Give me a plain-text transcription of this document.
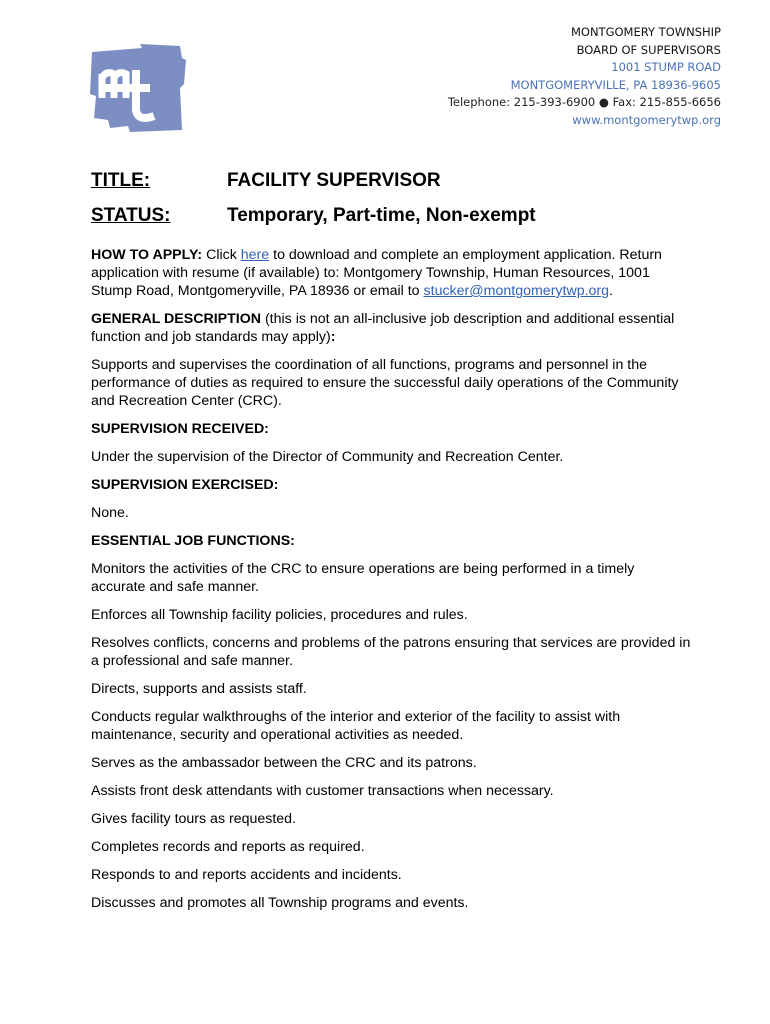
MONTGOMERY TOWNSHIP
BOARD OF SUPERVISORS
1001 STUMP ROAD
MONTGOMERYVILLE, PA 18936-9605
Telephone: 215-393-6900 ● Fax: 215-855-6656
www.montgomerytwp.org
TITLE:	FACILITY SUPERVISOR
STATUS:	Temporary, Part-time, Non-exempt

HOW TO APPLY: Click here to download and complete an employment application. Return application with resume (if available) to: Montgomery Township, Human Resources, 1001 Stump Road, Montgomeryville, PA 18936 or email to stucker@montgomerytwp.org.

GENERAL DESCRIPTION (this is not an all-inclusive job description and additional essential function and job standards may apply):

Supports and supervises the coordination of all functions, programs and personnel in the performance of duties as required to ensure the successful daily operations of the Community and Recreation Center (CRC).

SUPERVISION RECEIVED:

Under the supervision of the Director of Community and Recreation Center.

SUPERVISION EXERCISED:

None.

ESSENTIAL JOB FUNCTIONS:

Monitors the activities of the CRC to ensure operations are being performed in a timely accurate and safe manner.

Enforces all Township facility policies, procedures and rules.

Resolves conflicts, concerns and problems of the patrons ensuring that services are provided in a professional and safe manner.

Directs, supports and assists staff.

Conducts regular walkthroughs of the interior and exterior of the facility to assist with maintenance, security and operational activities as needed.

Serves as the ambassador between the CRC and its patrons.

Assists front desk attendants with customer transactions when necessary.

Gives facility tours as requested.

Completes records and reports as required.

Responds to and reports accidents and incidents.

Discusses and promotes all Township programs and events.
